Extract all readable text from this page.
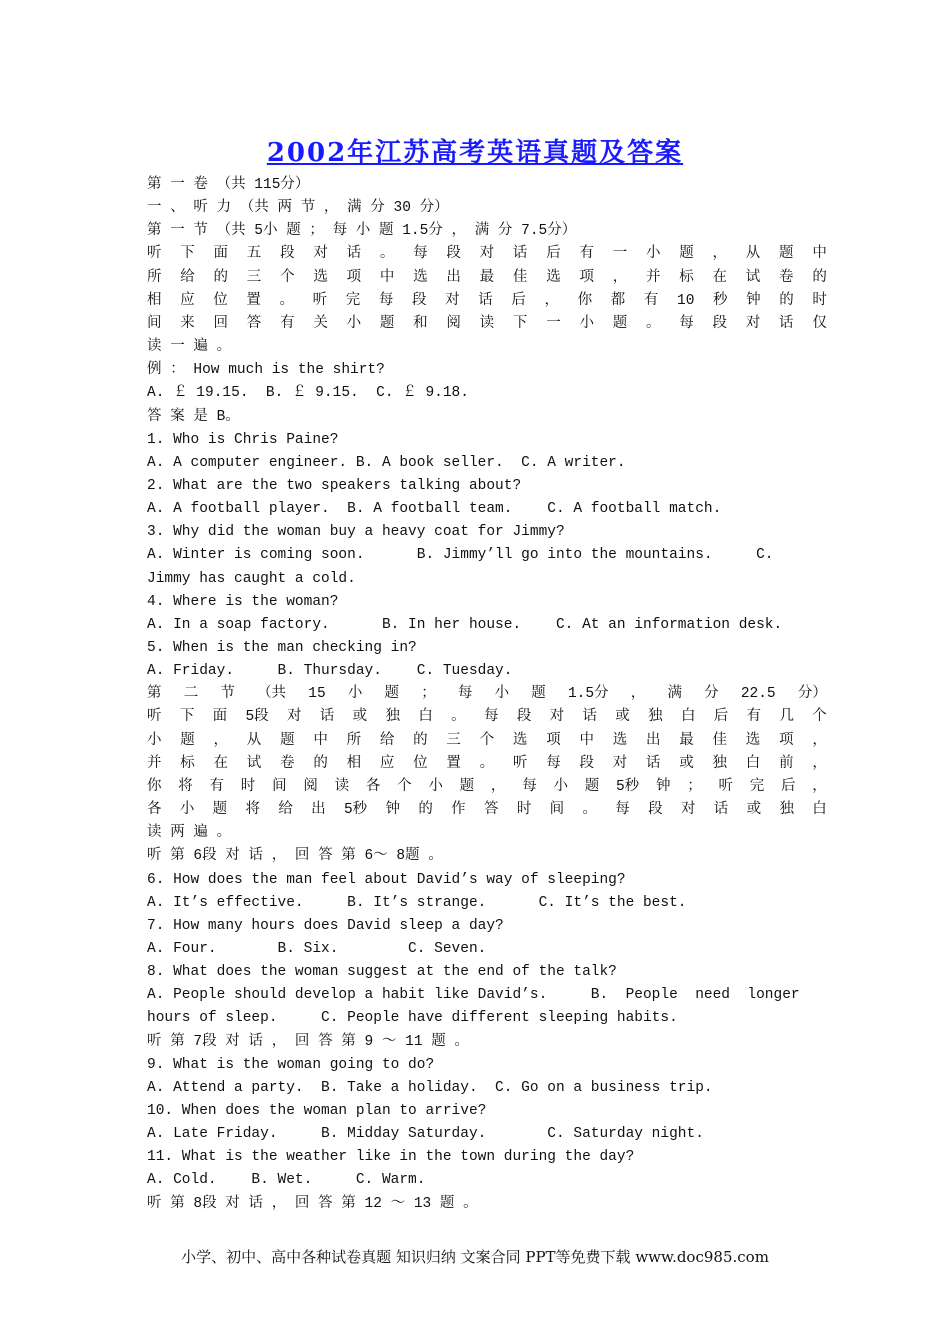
2002年江苏高考英语真题及答案
第 一 卷 （共 115分）
一 、 听 力 （共 两 节 ， 满 分 30 分）
第 一 节 （共 5小 题 ； 每 小 题 1.5分 ， 满 分 7.5分）
听 下 面 五 段 对 话 。 每 段 对 话 后 有 一 小 题 ， 从 题 中
所 给 的 三 个 选 项 中 选 出 最 佳 选 项 ， 并 标 在 试 卷 的
相 应 位 置 。 听 完 每 段 对 话 后 ， 你 都 有 10 秒 钟 的 时
间 来 回 答 有 关 小 题 和 阅 读 下 一 小 题 。 每 段 对 话 仅
读 一 遍 。
例 ： How much is the shirt?
A. ￡ 19.15.  B. ￡ 9.15.  C. ￡ 9.18.
答 案 是 B。
1. Who is Chris Paine?
A. A computer engineer. B. A book seller.  C. A writer.
2. What are the two speakers talking about?
A. A football player.  B. A football team.    C. A football match.
3. Why did the woman buy a heavy coat for Jimmy?
A. Winter is coming soon.      B. Jimmy’ll go into the mountains.     C.
Jimmy has caught a cold.
4. Where is the woman?
A. In a soap factory.      B. In her house.    C. At an information desk.
5. When is the man checking in?
A. Friday.     B. Thursday.    C. Tuesday.
第 二 节 （共 15 小 题 ； 每 小 题 1.5分 ， 满 分 22.5 分）
听 下 面 5段 对 话 或 独 白 。 每 段 对 话 或 独 白 后 有 几 个
小 题 ， 从 题 中 所 给 的 三 个 选 项 中 选 出 最 佳 选 项 ，
并 标 在 试 卷 的 相 应 位 置 。 听 每 段 对 话 或 独 白 前 ，
你 将 有 时 间 阅 读 各 个 小 题 ， 每 小 题 5秒 钟 ； 听 完 后 ，
各 小 题 将 给 出 5秒 钟 的 作 答 时 间 。 每 段 对 话 或 独 白
读 两 遍 。
听 第 6段 对 话 ， 回 答 第 6～ 8题 。
6. How does the man feel about David’s way of sleeping?
A. It’s effective.     B. It’s strange.      C. It’s the best.
7. How many hours does David sleep a day?
A. Four.       B. Six.        C. Seven.
8. What does the woman suggest at the end of the talk?
A. People should develop a habit like David’s.     B.  People  need  longer
hours of sleep.     C. People have different sleeping habits.
听 第 7段 对 话 ， 回 答 第 9 ～ 11 题 。
9. What is the woman going to do?
A. Attend a party.  B. Take a holiday.  C. Go on a business trip.
10. When does the woman plan to arrive?
A. Late Friday.     B. Midday Saturday.       C. Saturday night.
11. What is the weather like in the town during the day?
A. Cold.    B. Wet.     C. Warm.
听 第 8段 对 话 ， 回 答 第 12 ～ 13 题 。
小学、初中、高中各种试卷真题 知识归纳 文案合同 PPT等免费下载 www.doc985.com
